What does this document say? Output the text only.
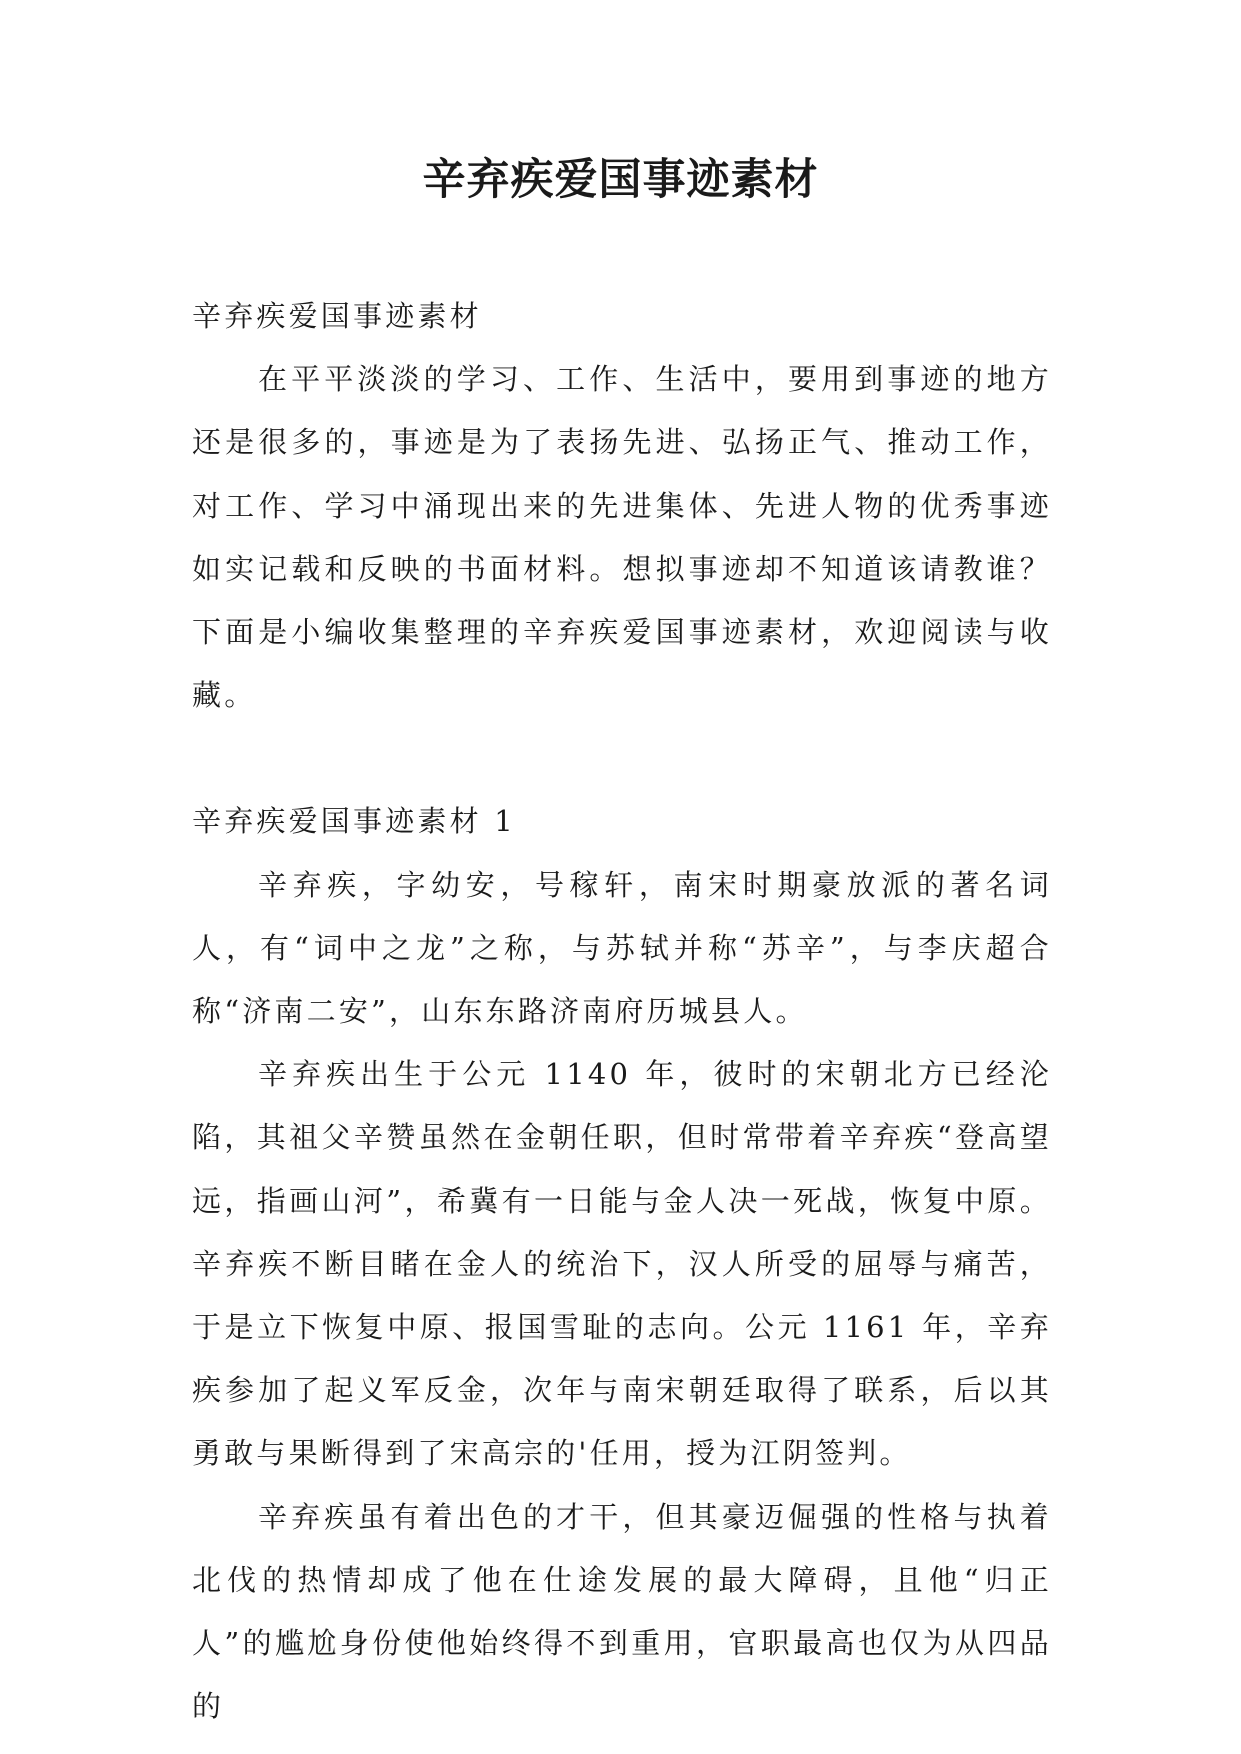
辛弃疾爱国事迹素材

辛弃疾爱国事迹素材

在平平淡淡的学习、工作、生活中，要用到事迹的地方还是很多的，事迹是为了表扬先进、弘扬正气、推动工作，对工作、学习中涌现出来的先进集体、先进人物的优秀事迹如实记载和反映的书面材料。想拟事迹却不知道该请教谁？下面是小编收集整理的辛弃疾爱国事迹素材，欢迎阅读与收藏。

辛弃疾爱国事迹素材 1

辛弃疾，字幼安，号稼轩，南宋时期豪放派的著名词人，有“词中之龙”之称，与苏轼并称“苏辛”，与李庆超合称“济南二安”，山东东路济南府历城县人。

辛弃疾出生于公元 1140 年，彼时的宋朝北方已经沦陷，其祖父辛赞虽然在金朝任职，但时常带着辛弃疾“登高望远，指画山河”，希冀有一日能与金人决一死战，恢复中原。辛弃疾不断目睹在金人的统治下，汉人所受的屈辱与痛苦，于是立下恢复中原、报国雪耻的志向。公元 1161 年，辛弃疾参加了起义军反金，次年与南宋朝廷取得了联系，后以其勇敢与果断得到了宋高宗的'任用，授为江阴签判。

辛弃疾虽有着出色的才干，但其豪迈倔强的性格与执着北伐的热情却成了他在仕途发展的最大障碍，且他“归正人”的尴尬身份使他始终得不到重用，官职最高也仅为从四品的
